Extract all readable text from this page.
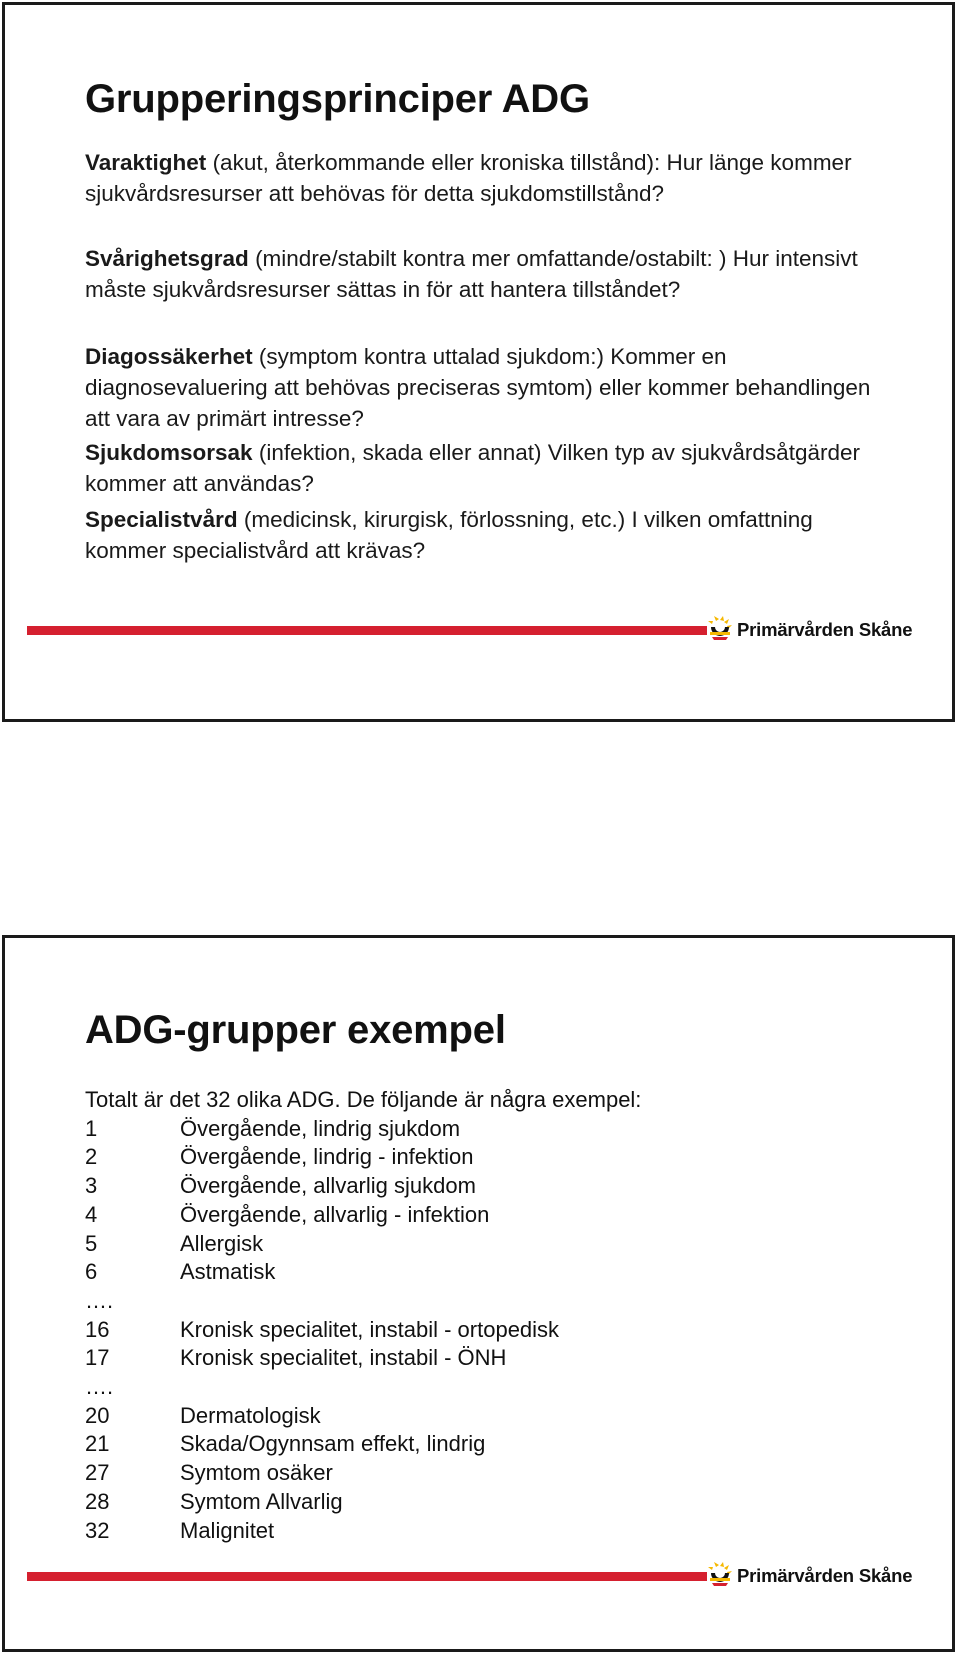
Grupperingsprinciper ADG

Varaktighet (akut, återkommande eller kroniska tillstånd): Hur länge kommer sjukvårdsresurser att behövas för detta sjukdomstillstånd?

Svårighetsgrad (mindre/stabilt kontra mer omfattande/ostabilt: ) Hur intensivt måste sjukvårdsresurser sättas in för att hantera tillståndet?

Diagossäkerhet (symptom kontra uttalad sjukdom:) Kommer en diagnosevaluering att behövas preciseras symtom) eller kommer behandlingen att vara av primärt intresse?

Sjukdomsorsak (infektion, skada eller annat) Vilken typ av sjukvårdsåtgärder kommer att användas?

Specialistvård (medicinsk, kirurgisk, förlossning, etc.) I vilken omfattning kommer specialistvård att krävas?

Primärvården Skåne
ADG-grupper exempel
Totalt är det 32 olika ADG. De följande är några exempel:
1	Övergående, lindrig sjukdom
2	Övergående, lindrig - infektion
3	Övergående, allvarlig sjukdom
4	Övergående, allvarlig - infektion
5	Allergisk
6	Astmatisk
….
16	Kronisk specialitet, instabil - ortopedisk
17	Kronisk specialitet, instabil - ÖNH
….
20	Dermatologisk
21	Skada/Ogynnsam effekt, lindrig
27	Symtom osäker
28	Symtom Allvarlig
32	Malignitet
Primärvården Skåne
